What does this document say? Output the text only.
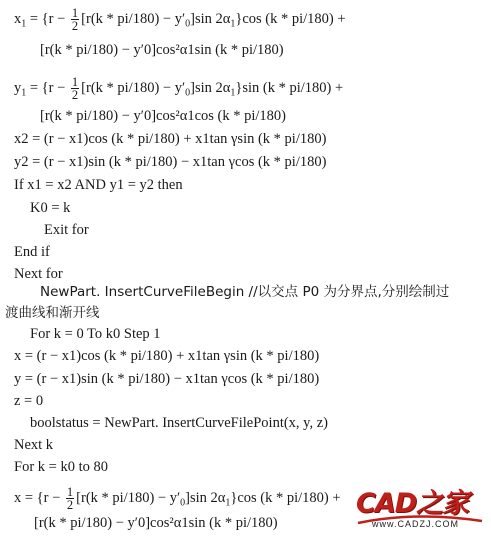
$x_1 = \{r - \frac{1}{2} [r(k * pi/180) - y'_0]\sin$ $2\alpha_1\}\cos$ (k * pi/180) +
[r(k * pi/180) − y′0]cos²α1sin (k * pi/180)
$y_1 = \{r - \frac{1}{2} [r(k * pi/180) - y'_0]\sin$ $2\alpha_1\}\sin$ (k * pi/180) +
[r(k * pi/180) − y′0]cos²α1cos (k * pi/180)
x2 = (r − x1)cos (k * pi/180) + x1tan γsin (k * pi/180)
y2 = (r − x1)sin (k * pi/180) − x1tan γcos (k * pi/180)
If x1 = x2 AND y1 = y2 then
K0 = k
Exit for
End if
Next for
NewPart. InsertCurveFileBegin //以交点 P0 为分界点,分别绘制过
渡曲线和渐开线
For k = 0 To k0 Step 1
x = (r − x1)cos (k * pi/180) + x1tan γsin (k * pi/180)
y = (r − x1)sin (k * pi/180) − x1tan γcos (k * pi/180)
z = 0
boolstatus = NewPart. InsertCurveFilePoint(x, y, z)
Next k
For k = k0 to 80
$x = \{r - \frac{1}{2} [r(k * pi/180) - y'_0]\sin$ $2\alpha_1\}\cos$ (k * pi/180) +
[r(k * pi/180) − y′0]cos²α1sin (k * pi/180)
CAD之家
www.CADZJ.COM
